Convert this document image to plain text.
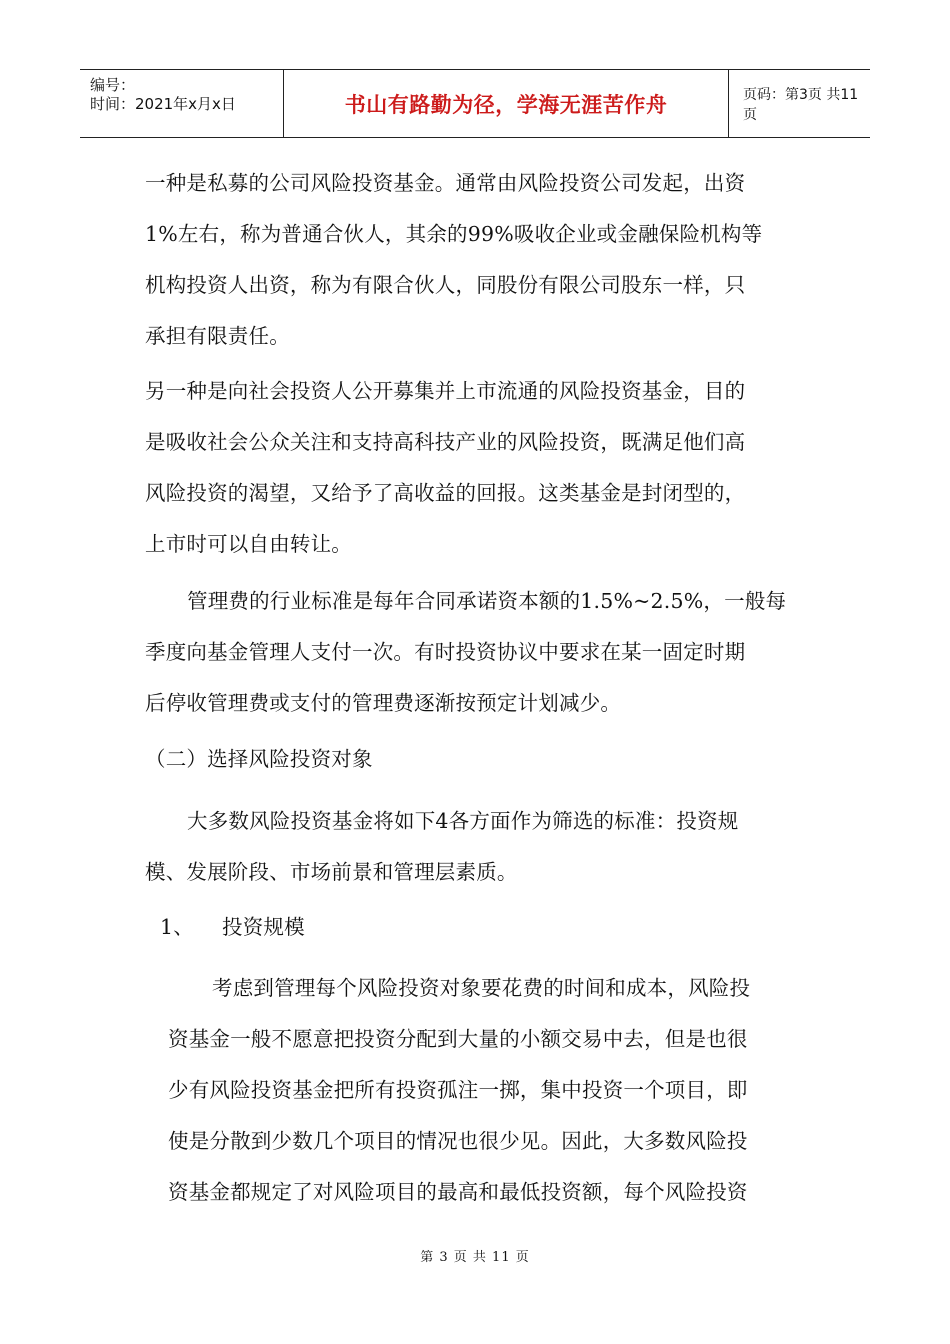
编号：
时间：2021年x月x日	书山有路勤为径，学海无涯苦作舟	页码：第3页 共11页
一种是私募的公司风险投资基金。通常由风险投资公司发起，出资
1%左右，称为普通合伙人，其余的99%吸收企业或金融保险机构等
机构投资人出资，称为有限合伙人，同股份有限公司股东一样，只
承担有限责任。
另一种是向社会投资人公开募集并上市流通的风险投资基金，目的
是吸收社会公众关注和支持高科技产业的风险投资，既满足他们高
风险投资的渴望，又给予了高收益的回报。这类基金是封闭型的，
上市时可以自由转让。
管理费的行业标准是每年合同承诺资本额的1.5%~2.5%，一般每
季度向基金管理人支付一次。有时投资协议中要求在某一固定时期
后停收管理费或支付的管理费逐渐按预定计划减少。
（二）选择风险投资对象
大多数风险投资基金将如下4各方面作为筛选的标准：投资规
模、发展阶段、市场前景和管理层素质。
1、 投资规模
考虑到管理每个风险投资对象要花费的时间和成本，风险投
资基金一般不愿意把投资分配到大量的小额交易中去，但是也很
少有风险投资基金把所有投资孤注一掷，集中投资一个项目，即
使是分散到少数几个项目的情况也很少见。因此，大多数风险投
资基金都规定了对风险项目的最高和最低投资额，每个风险投资
第 3 页 共 11 页
